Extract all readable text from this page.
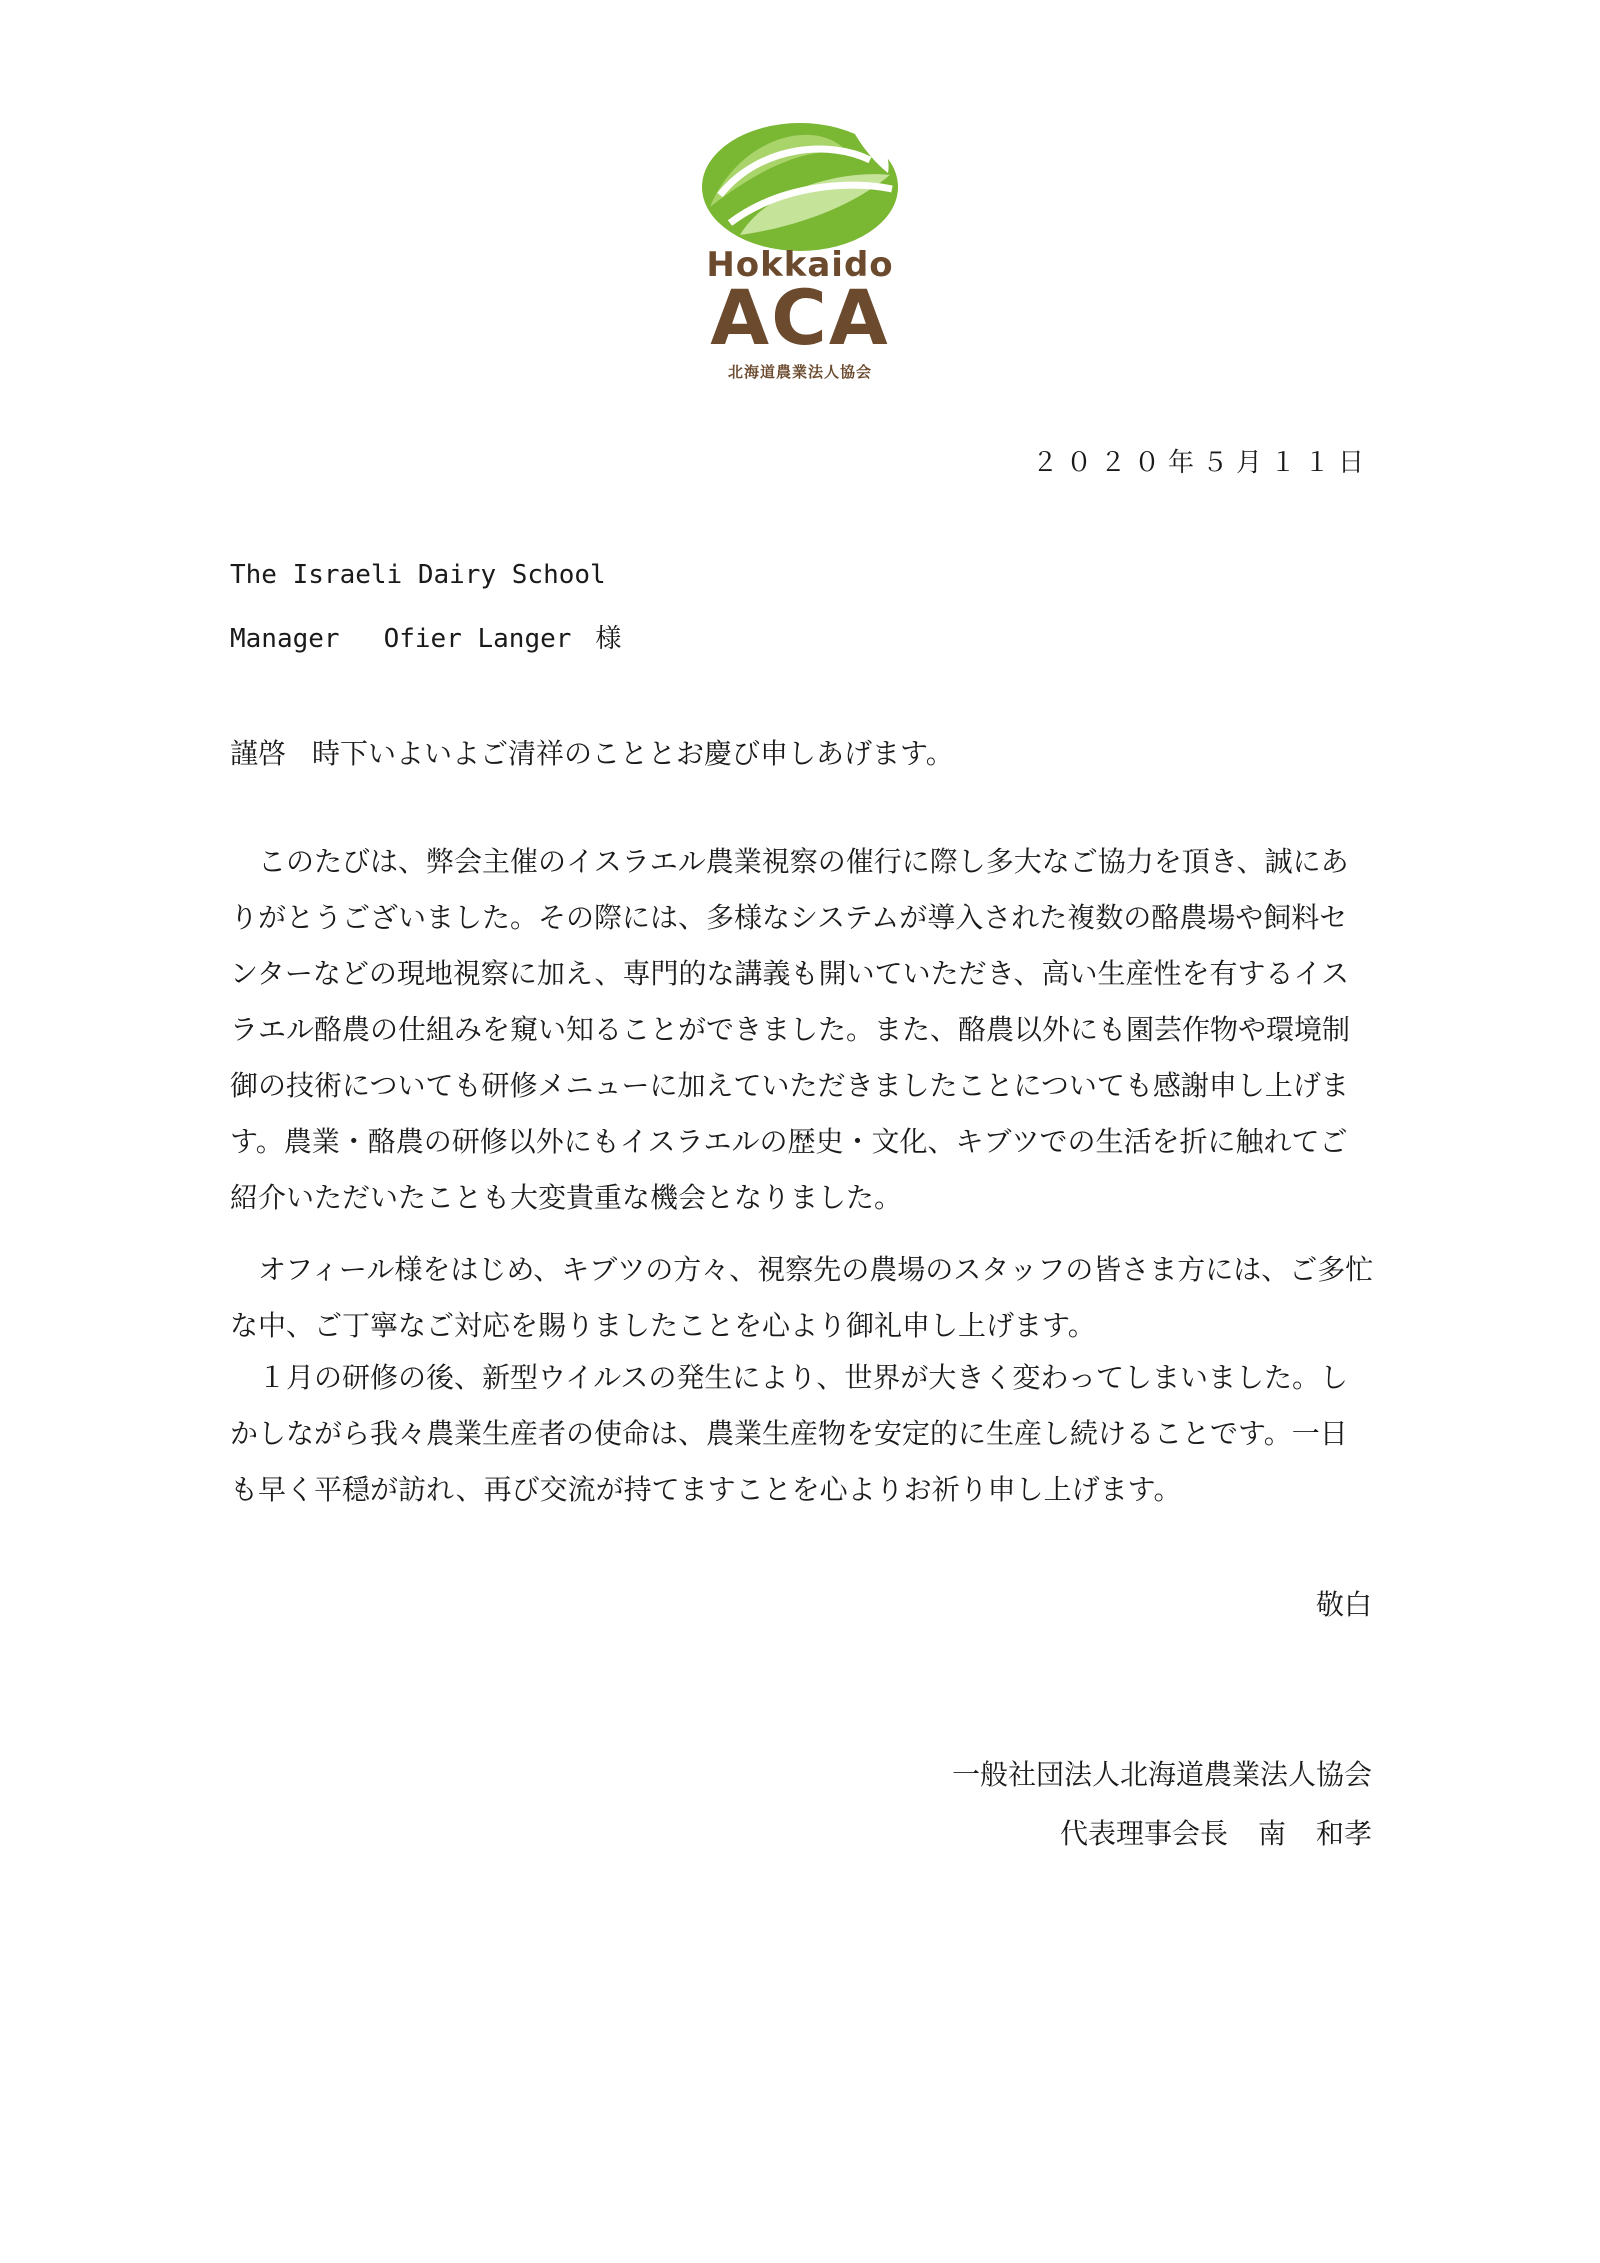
Hokkaido
ACA
北海道農業法人協会
２０２０年５月１１日
The Israeli Dairy School
Manager Ofier Langer 様
謹啓 時下いよいよご清祥のこととお慶び申しあげます。
このたびは、弊会主催のイスラエル農業視察の催行に際し多大なご協力を頂き、誠にありがとうございました。その際には、多様なシステムが導入された複数の酪農場や飼料センターなどの現地視察に加え、専門的な講義も開いていただき、高い生産性を有するイスラエル酪農の仕組みを窺い知ることができました。また、酪農以外にも園芸作物や環境制御の技術についても研修メニューに加えていただきましたことについても感謝申し上げます。農業・酪農の研修以外にもイスラエルの歴史・文化、キブツでの生活を折に触れてご紹介いただいたことも大変貴重な機会となりました。
オフィール様をはじめ、キブツの方々、視察先の農場のスタッフの皆さま方には、ご多忙な中、ご丁寧なご対応を賜りましたことを心より御礼申し上げます。
１月の研修の後、新型ウイルスの発生により、世界が大きく変わってしまいました。しかしながら我々農業生産者の使命は、農業生産物を安定的に生産し続けることです。一日も早く平穏が訪れ、再び交流が持てますことを心よりお祈り申し上げます。
敬白
一般社団法人北海道農業法人協会
代表理事会長 南 和孝
